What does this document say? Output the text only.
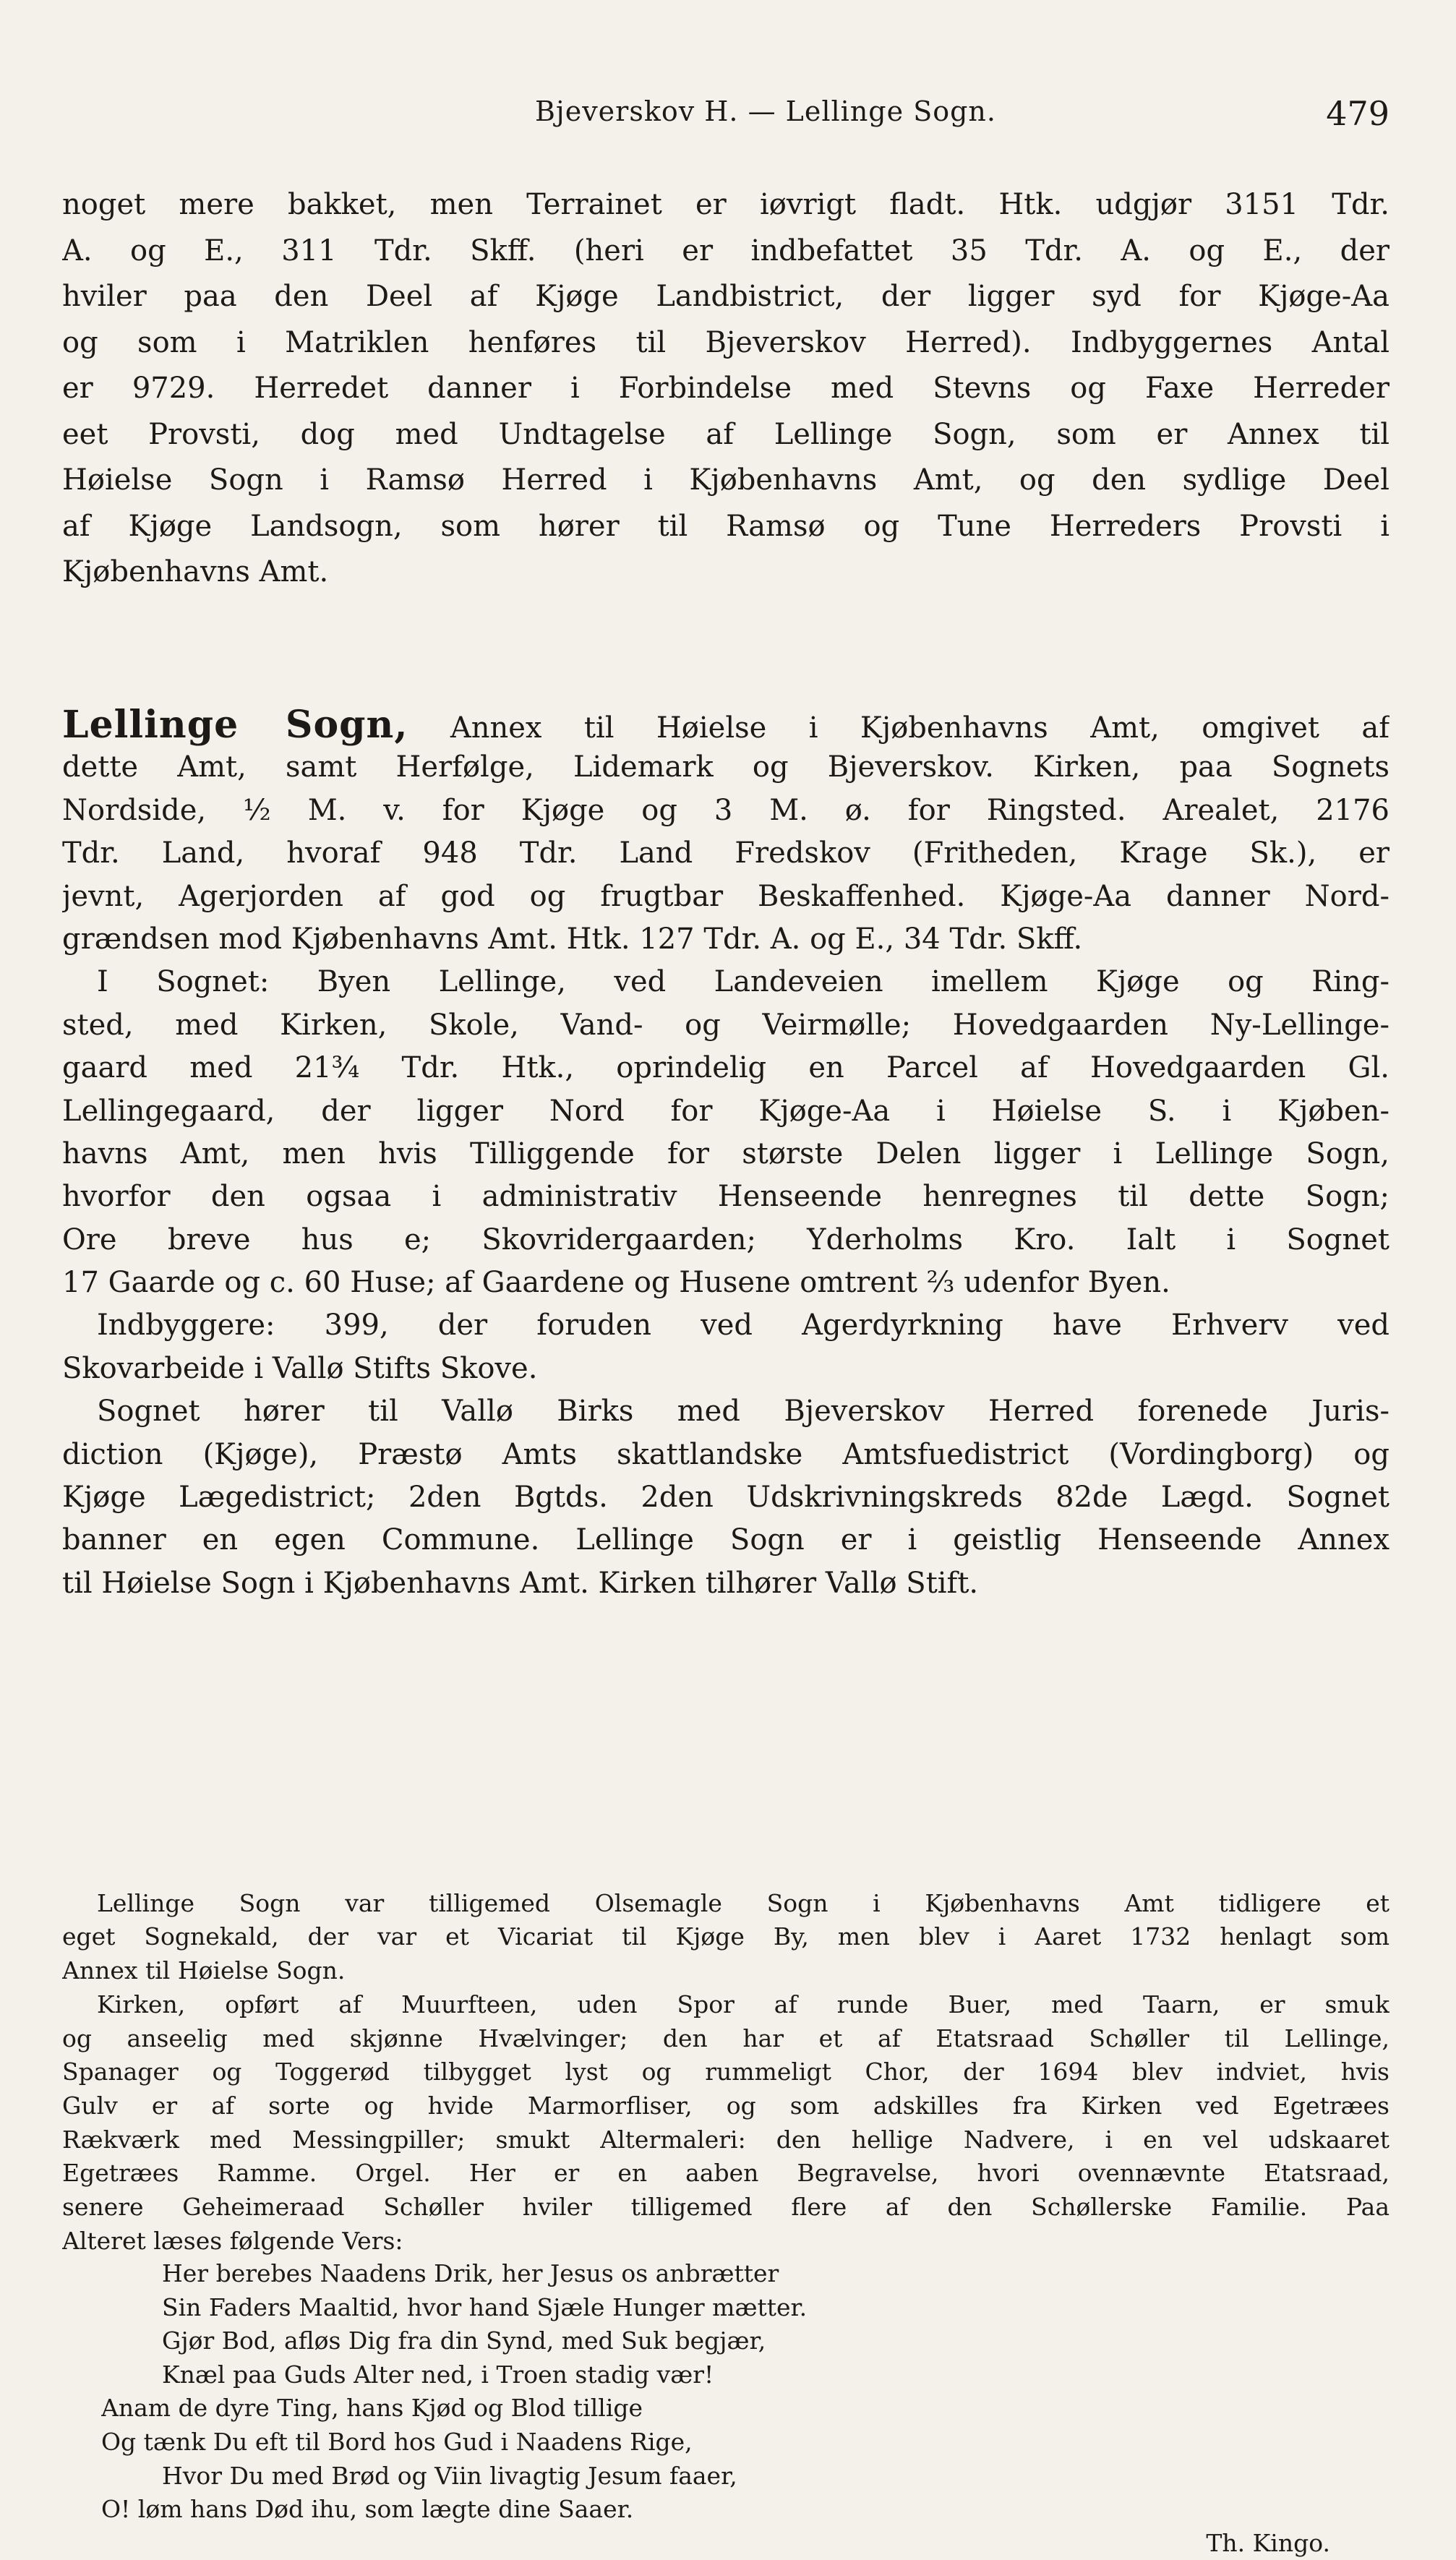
Bjeverskov H. — Lellinge Sogn.	479
noget mere bakket, men Terrainet er iøvrigt fladt. Htk. udgjør 3151 Tdr.
A. og E., 311 Tdr. Skff. (heri er indbefattet 35 Tdr. A. og E., der
hviler paa den Deel af Kjøge Landbistrict, der ligger syd for Kjøge-Aa
og som i Matriklen henføres til Bjeverskov Herred). Indbyggernes Antal
er 9729. Herredet danner i Forbindelse med Stevns og Faxe Herreder
eet Provsti, dog med Undtagelse af Lellinge Sogn, som er Annex til
Høielse Sogn i Ramsø Herred i Kjøbenhavns Amt, og den sydlige Deel
af Kjøge Landsogn, som hører til Ramsø og Tune Herreders Provsti i
Kjøbenhavns Amt.
Lellinge Sogn, Annex til Høielse i Kjøbenhavns Amt, omgivet af
dette Amt, samt Herfølge, Lidemark og Bjeverskov. Kirken, paa Sognets
Nordside, ½ M. v. for Kjøge og 3 M. ø. for Ringsted. Arealet, 2176
Tdr. Land, hvoraf 948 Tdr. Land Fredskov (Fritheden, Krage Sk.), er
jevnt, Agerjorden af god og frugtbar Beskaffenhed. Kjøge-Aa danner Nord-
grændsen mod Kjøbenhavns Amt. Htk. 127 Tdr. A. og E., 34 Tdr. Skff.
I Sognet: Byen Lellinge, ved Landeveien imellem Kjøge og Ring-
sted, med Kirken, Skole, Vand- og Veirmølle; Hovedgaarden Ny-Lellinge-
gaard med 21¾ Tdr. Htk., oprindelig en Parcel af Hovedgaarden Gl.
Lellingegaard, der ligger Nord for Kjøge-Aa i Høielse S. i Kjøben-
havns Amt, men hvis Tilliggende for største Delen ligger i Lellinge Sogn,
hvorfor den ogsaa i administrativ Henseende henregnes til dette Sogn;
Ore breve hus e; Skovridergaarden; Yderholms Kro. Ialt i Sognet
17 Gaarde og c. 60 Huse; af Gaardene og Husene omtrent ⅔ udenfor Byen.
Indbyggere: 399, der foruden ved Agerdyrkning have Erhverv ved
Skovarbeide i Vallø Stifts Skove.
Sognet hører til Vallø Birks med Bjeverskov Herred forenede Juris-
diction (Kjøge), Præstø Amts skattlandske Amtsfuedistrict (Vordingborg) og
Kjøge Lægedistrict; 2den Bgtds. 2den Udskrivningskreds 82de Lægd. Sognet
banner en egen Commune. Lellinge Sogn er i geistlig Henseende Annex
til Høielse Sogn i Kjøbenhavns Amt. Kirken tilhører Vallø Stift.
Lellinge Sogn var tilligemed Olsemagle Sogn i Kjøbenhavns Amt tidligere et
eget Sognekald, der var et Vicariat til Kjøge By, men blev i Aaret 1732 henlagt som
Annex til Høielse Sogn.
Kirken, opført af Muurfteen, uden Spor af runde Buer, med Taarn, er smuk
og anseelig med skjønne Hvælvinger; den har et af Etatsraad Schøller til Lellinge,
Spanager og Toggerød tilbygget lyst og rummeligt Chor, der 1694 blev indviet, hvis
Gulv er af sorte og hvide Marmorfliser, og som adskilles fra Kirken ved Egetræes
Rækværk med Messingpiller; smukt Altermaleri: den hellige Nadvere, i en vel udskaaret
Egetræes Ramme. Orgel. Her er en aaben Begravelse, hvori ovennævnte Etatsraad,
senere Geheimeraad Schøller hviler tilligemed flere af den Schøllerske Familie. Paa
Alteret læses følgende Vers:
Her berebes Naadens Drik, her Jesus os anbrætter
Sin Faders Maaltid, hvor hand Sjæle Hunger mætter.
Gjør Bod, afløs Dig fra din Synd, med Suk begjær,
Knæl paa Guds Alter ned, i Troen stadig vær!
Anam de dyre Ting, hans Kjød og Blod tillige
Og tænk Du eft til Bord hos Gud i Naadens Rige,
Hvor Du med Brød og Viin livagtig Jesum faaer,
O! løm hans Død ihu, som lægte dine Saaer.
Th. Kingo.
